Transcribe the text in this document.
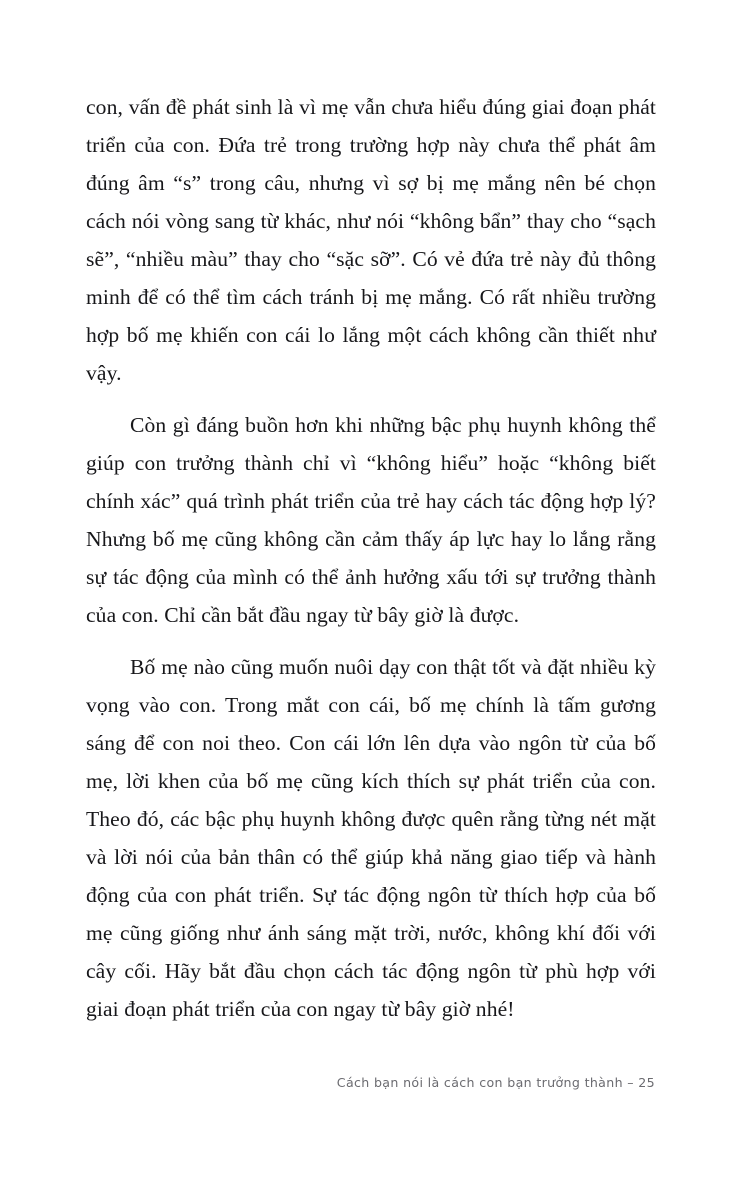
con, vấn đề phát sinh là vì mẹ vẫn chưa hiểu đúng giai đoạn phát triển của con. Đứa trẻ trong trường hợp này chưa thể phát âm đúng âm “s” trong câu, nhưng vì sợ bị mẹ mắng nên bé chọn cách nói vòng sang từ khác, như nói “không bẩn” thay cho “sạch sẽ”, “nhiều màu” thay cho “sặc sỡ”. Có vẻ đứa trẻ này đủ thông minh để có thể tìm cách tránh bị mẹ mắng. Có rất nhiều trường hợp bố mẹ khiến con cái lo lắng một cách không cần thiết như vậy.

Còn gì đáng buồn hơn khi những bậc phụ huynh không thể giúp con trưởng thành chỉ vì “không hiểu” hoặc “không biết chính xác” quá trình phát triển của trẻ hay cách tác động hợp lý? Nhưng bố mẹ cũng không cần cảm thấy áp lực hay lo lắng rằng sự tác động của mình có thể ảnh hưởng xấu tới sự trưởng thành của con. Chỉ cần bắt đầu ngay từ bây giờ là được.

Bố mẹ nào cũng muốn nuôi dạy con thật tốt và đặt nhiều kỳ vọng vào con. Trong mắt con cái, bố mẹ chính là tấm gương sáng để con noi theo. Con cái lớn lên dựa vào ngôn từ của bố mẹ, lời khen của bố mẹ cũng kích thích sự phát triển của con. Theo đó, các bậc phụ huynh không được quên rằng từng nét mặt và lời nói của bản thân có thể giúp khả năng giao tiếp và hành động của con phát triển. Sự tác động ngôn từ thích hợp của bố mẹ cũng giống như ánh sáng mặt trời, nước, không khí đối với cây cối. Hãy bắt đầu chọn cách tác động ngôn từ phù hợp với giai đoạn phát triển của con ngay từ bây giờ nhé!

Cách bạn nói là cách con bạn trưởng thành – 25
